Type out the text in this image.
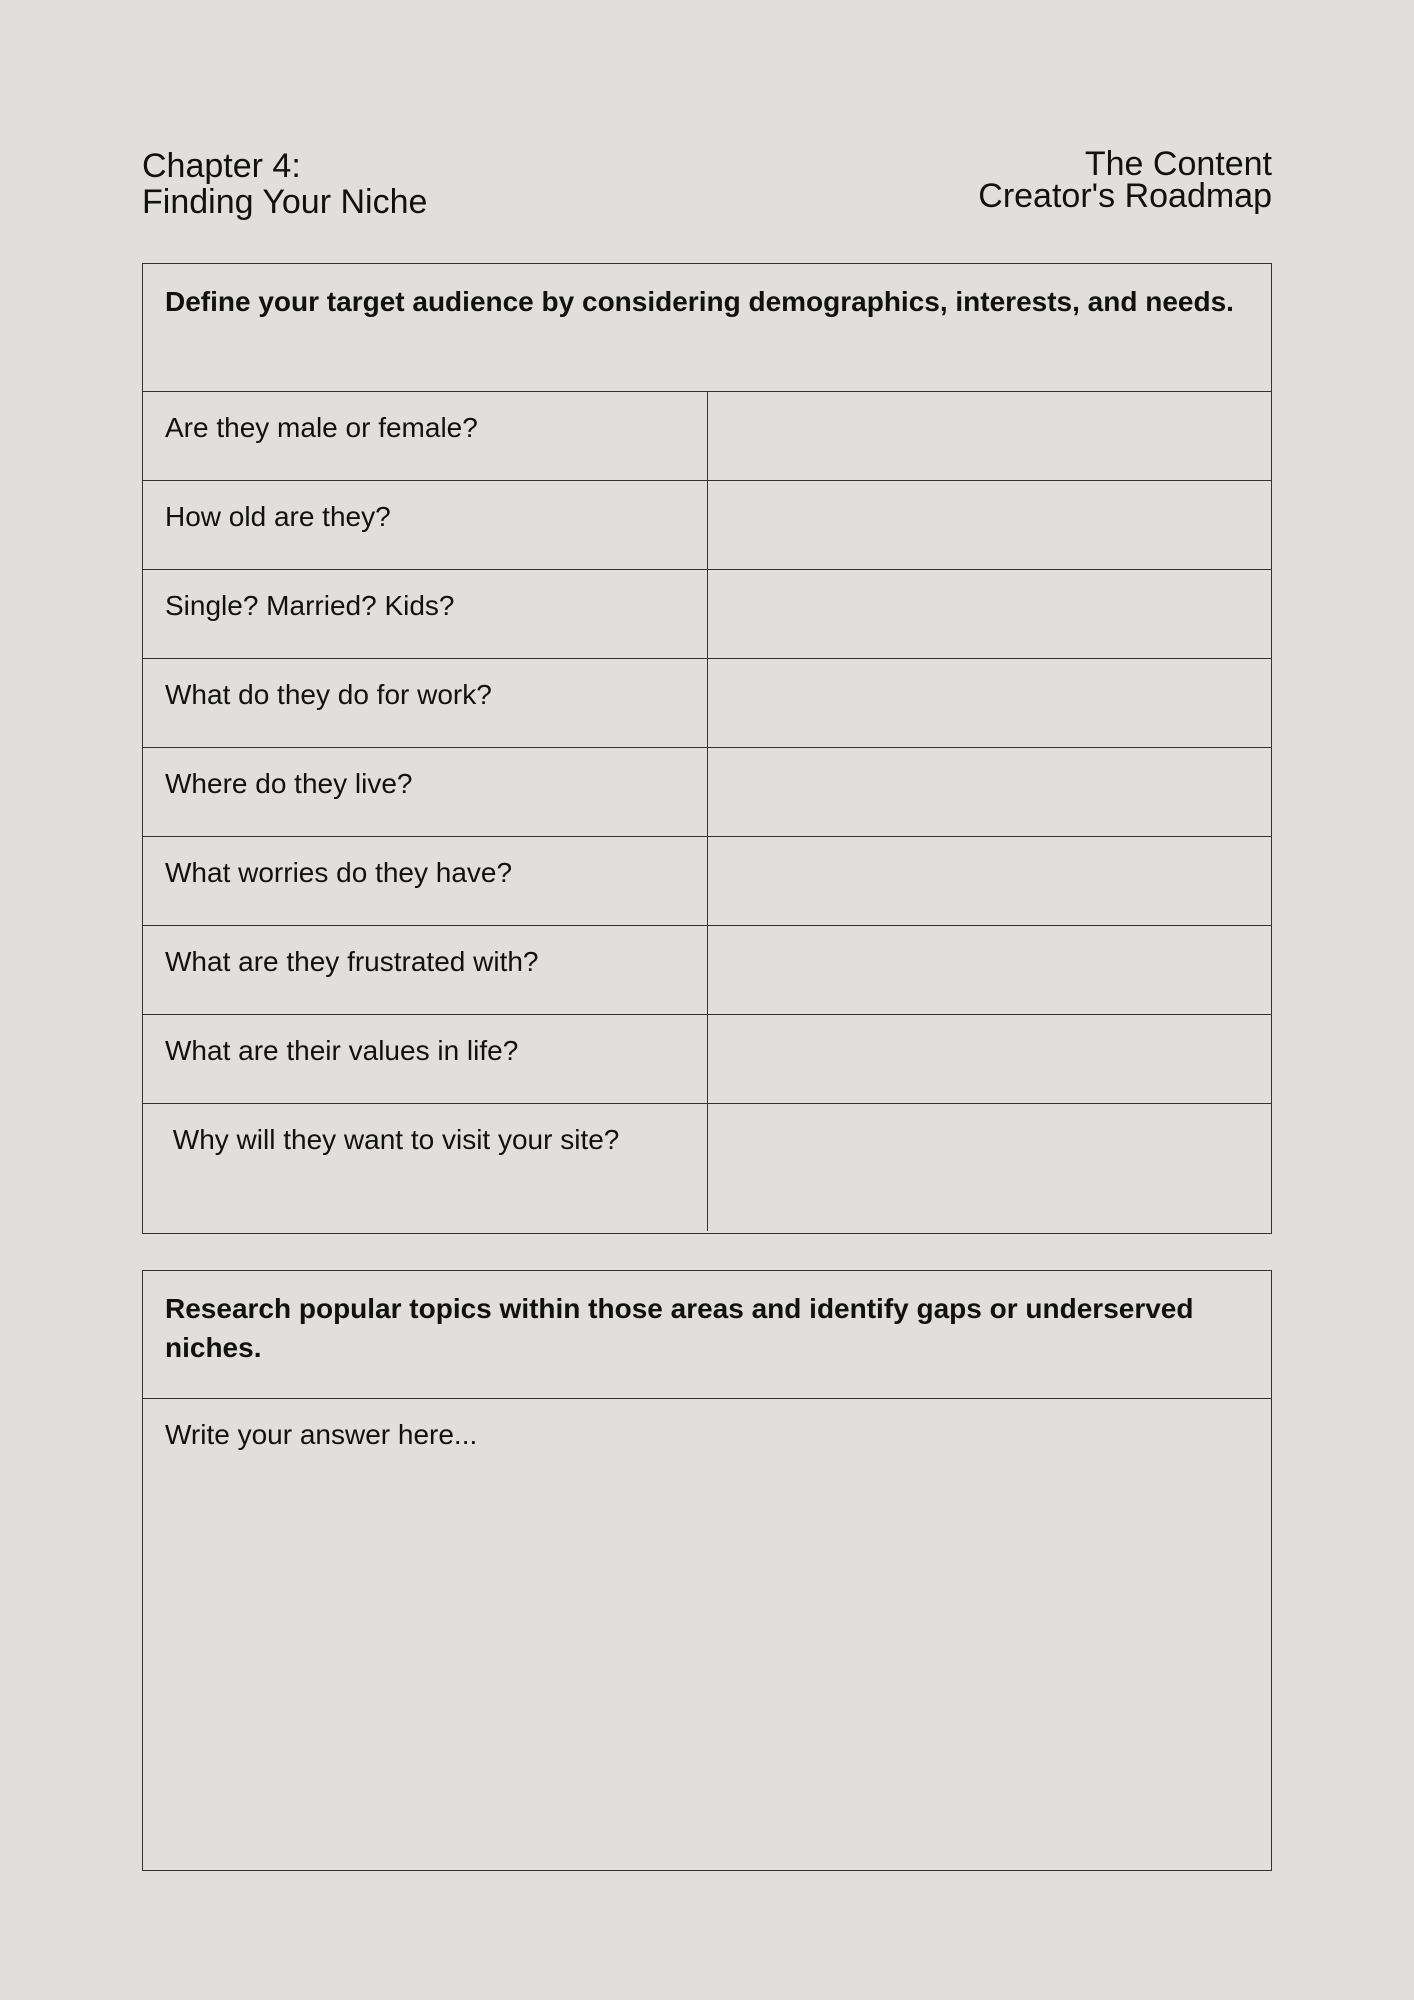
Chapter 4:
Finding Your Niche
The Content
Creator's Roadmap
Define your target audience by considering demographics, interests, and needs.
Are they male or female?
How old are they?
Single? Married? Kids?
What do they do for work?
Where do they live?
What worries do they have?
What are they frustrated with?
What are their values in life?
Why will they want to visit your site?
Research popular topics within those areas and identify gaps or underserved niches.
Write your answer here...
